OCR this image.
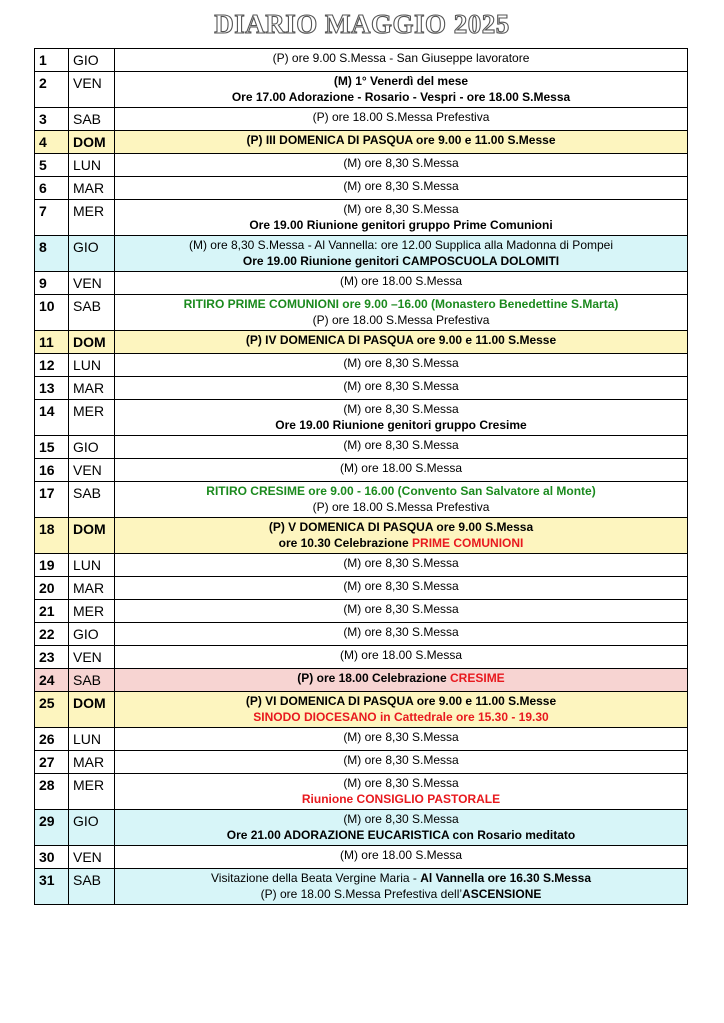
DIARIO MAGGIO 2025
1	GIO	(P) ore 9.00 S.Messa - San Giuseppe lavoratore

2	VEN	(M) 1° Venerdì del mese
Ore 17.00 Adorazione - Rosario - Vespri - ore 18.00 S.Messa

3	SAB	(P) ore 18.00 S.Messa Prefestiva

4	DOM	(P) III DOMENICA DI PASQUA ore 9.00 e 11.00 S.Messe

5	LUN	(M) ore 8,30 S.Messa

6	MAR	(M) ore 8,30 S.Messa

7	MER	(M) ore 8,30 S.Messa
Ore 19.00 Riunione genitori gruppo Prime Comunioni

8	GIO	(M) ore 8,30 S.Messa - Al Vannella: ore 12.00 Supplica alla Madonna di Pompei
Ore 19.00 Riunione genitori CAMPOSCUOLA DOLOMITI

9	VEN	(M) ore 18.00 S.Messa

10	SAB	RITIRO PRIME COMUNIONI ore 9.00 –16.00 (Monastero Benedettine S.Marta)
(P) ore 18.00 S.Messa Prefestiva

11	DOM	(P) IV DOMENICA DI PASQUA ore 9.00 e 11.00 S.Messe

12	LUN	(M) ore 8,30 S.Messa

13	MAR	(M) ore 8,30 S.Messa

14	MER	(M) ore 8,30 S.Messa
Ore 19.00 Riunione genitori gruppo Cresime

15	GIO	(M) ore 8,30 S.Messa

16	VEN	(M) ore 18.00 S.Messa

17	SAB	RITIRO CRESIME ore 9.00 - 16.00 (Convento San Salvatore al Monte)
(P) ore 18.00 S.Messa Prefestiva

18	DOM	(P) V DOMENICA DI PASQUA ore 9.00 S.Messa
ore 10.30 Celebrazione PRIME COMUNIONI

19	LUN	(M) ore 8,30 S.Messa

20	MAR	(M) ore 8,30 S.Messa

21	MER	(M) ore 8,30 S.Messa

22	GIO	(M) ore 8,30 S.Messa

23	VEN	(M) ore 18.00 S.Messa

24	SAB	(P) ore 18.00 Celebrazione CRESIME

25	DOM	(P) VI DOMENICA DI PASQUA ore 9.00 e 11.00 S.Messe
SINODO DIOCESANO in Cattedrale ore 15.30 - 19.30

26	LUN	(M) ore 8,30 S.Messa

27	MAR	(M) ore 8,30 S.Messa

28	MER	(M) ore 8,30 S.Messa
Riunione CONSIGLIO PASTORALE

29	GIO	(M) ore 8,30 S.Messa
Ore 21.00 ADORAZIONE EUCARISTICA con Rosario meditato

30	VEN	(M) ore 18.00 S.Messa

31	SAB	Visitazione della Beata Vergine Maria - Al Vannella ore 16.30 S.Messa
(P) ore 18.00 S.Messa Prefestiva dell’ASCENSIONE
